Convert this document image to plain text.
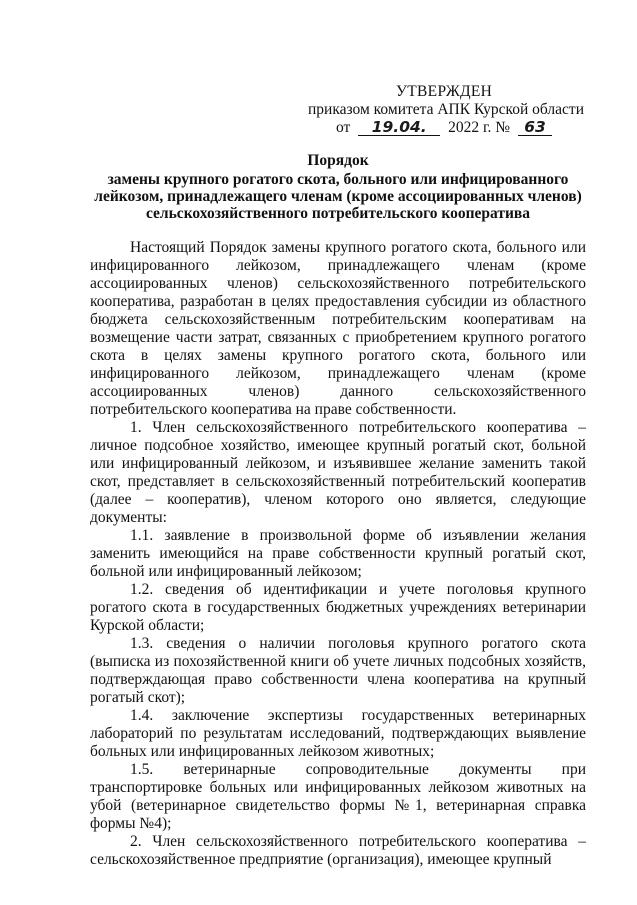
УТВЕРЖДЕН
приказом комитета АПК Курской области
от 19.04. 2022 г. № 63
Порядок
замены крупного рогатого скота, больного или инфицированного
лейкозом, принадлежащего членам (кроме ассоциированных членов)
сельскохозяйственного потребительского кооператива

Настоящий Порядок замены крупного рогатого скота, больного или инфицированного лейкозом, принадлежащего членам (кроме ассоциированных членов) сельскохозяйственного потребительского кооператива, разработан в целях предоставления субсидии из областного бюджета сельскохозяйственным потребительским кооперативам на возмещение части затрат, связанных с приобретением крупного рогатого скота в целях замены крупного рогатого скота, больного или инфицированного лейкозом, принадлежащего членам (кроме ассоциированных членов) данного сельскохозяйственного потребительского кооператива на праве собственности.

1. Член сельскохозяйственного потребительского кооператива – личное подсобное хозяйство, имеющее крупный рогатый скот, больной или инфицированный лейкозом, и изъявившее желание заменить такой скот, представляет в сельскохозяйственный потребительский кооператив (далее – кооператив), членом которого оно является, следующие документы:

1.1. заявление в произвольной форме об изъявлении желания заменить имеющийся на праве собственности крупный рогатый скот, больной или инфицированный лейкозом;

1.2. сведения об идентификации и учете поголовья крупного рогатого скота в государственных бюджетных учреждениях ветеринарии Курской области;

1.3. сведения о наличии поголовья крупного рогатого скота (выписка из похозяйственной книги об учете личных подсобных хозяйств, подтверждающая право собственности члена кооператива на крупный рогатый скот);

1.4. заключение экспертизы государственных ветеринарных лабораторий по результатам исследований, подтверждающих выявление больных или инфицированных лейкозом животных;

1.5. ветеринарные сопроводительные документы при транспортировке больных или инфицированных лейкозом животных на убой (ветеринарное свидетельство формы №1, ветеринарная справка формы №4);

2. Член сельскохозяйственного потребительского кооператива – сельскохозяйственное предприятие (организация), имеющее крупный
